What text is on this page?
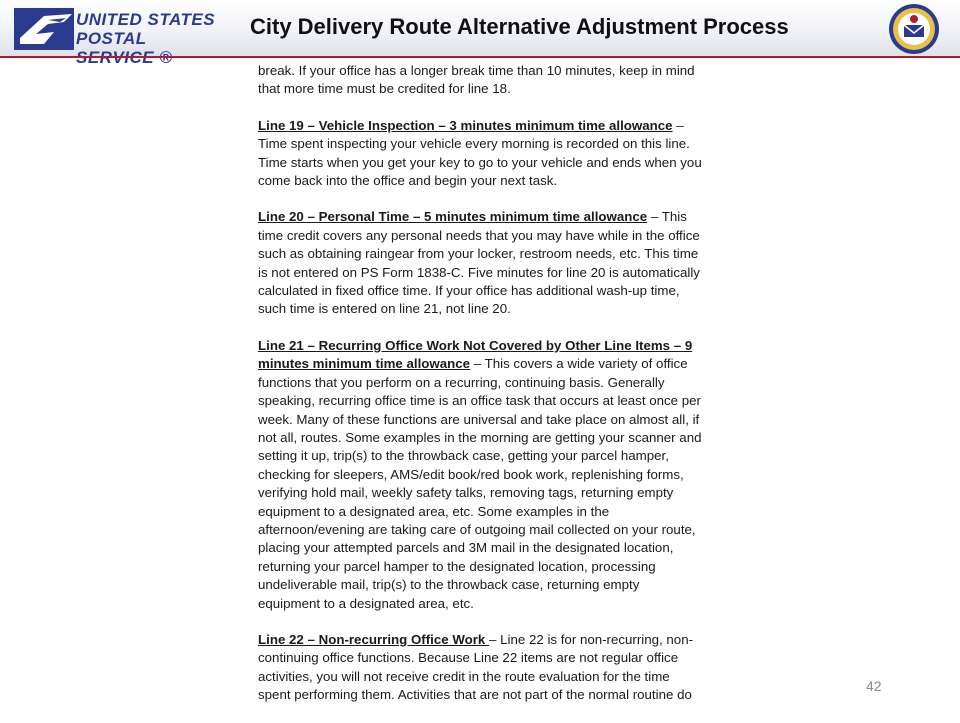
UNITED STATES
POSTAL	City Delivery Route Alternative Adjustment Process

break. If your office has a longer break time than 10 minutes, keep in mind
that more time must be credited for line 18.

Line 19 – Vehicle Inspection – 3 minutes minimum time allowance –
Time spent inspecting your vehicle every morning is recorded on this line.
Time starts when you get your key to go to your vehicle and ends when you
come back into the office and begin your next task.

Line 20 – Personal Time – 5 minutes minimum time allowance – This
time credit covers any personal needs that you may have while in the office
such as obtaining raingear from your locker, restroom needs, etc. This time
is not entered on PS Form 1838-C. Five minutes for line 20 is automatically
calculated in fixed office time. If your office has additional wash-up time,
such time is entered on line 21, not line 20.

Line 21 – Recurring Office Work Not Covered by Other Line Items – 9
minutes minimum time allowance – This covers a wide variety of office
functions that you perform on a recurring, continuing basis. Generally
speaking, recurring office time is an office task that occurs at least once per
week. Many of these functions are universal and take place on almost all, if
not all, routes. Some examples in the morning are getting your scanner and
setting it up, trip(s) to the throwback case, getting your parcel hamper,
checking for sleepers, AMS/edit book/red book work, replenishing forms,
verifying hold mail, weekly safety talks, removing tags, returning empty
equipment to a designated area, etc. Some examples in the
afternoon/evening are taking care of outgoing mail collected on your route,
placing your attempted parcels and 3M mail in the designated location,
returning your parcel hamper to the designated location, processing
undeliverable mail, trip(s) to the throwback case, returning empty
equipment to a designated area, etc.

Line 22 – Non-recurring Office Work – Line 22 is for non-recurring, non-
continuing office functions. Because Line 22 items are not regular office
activities, you will not receive credit in the route evaluation for the time
spent performing them. Activities that are not part of the normal routine do

42
